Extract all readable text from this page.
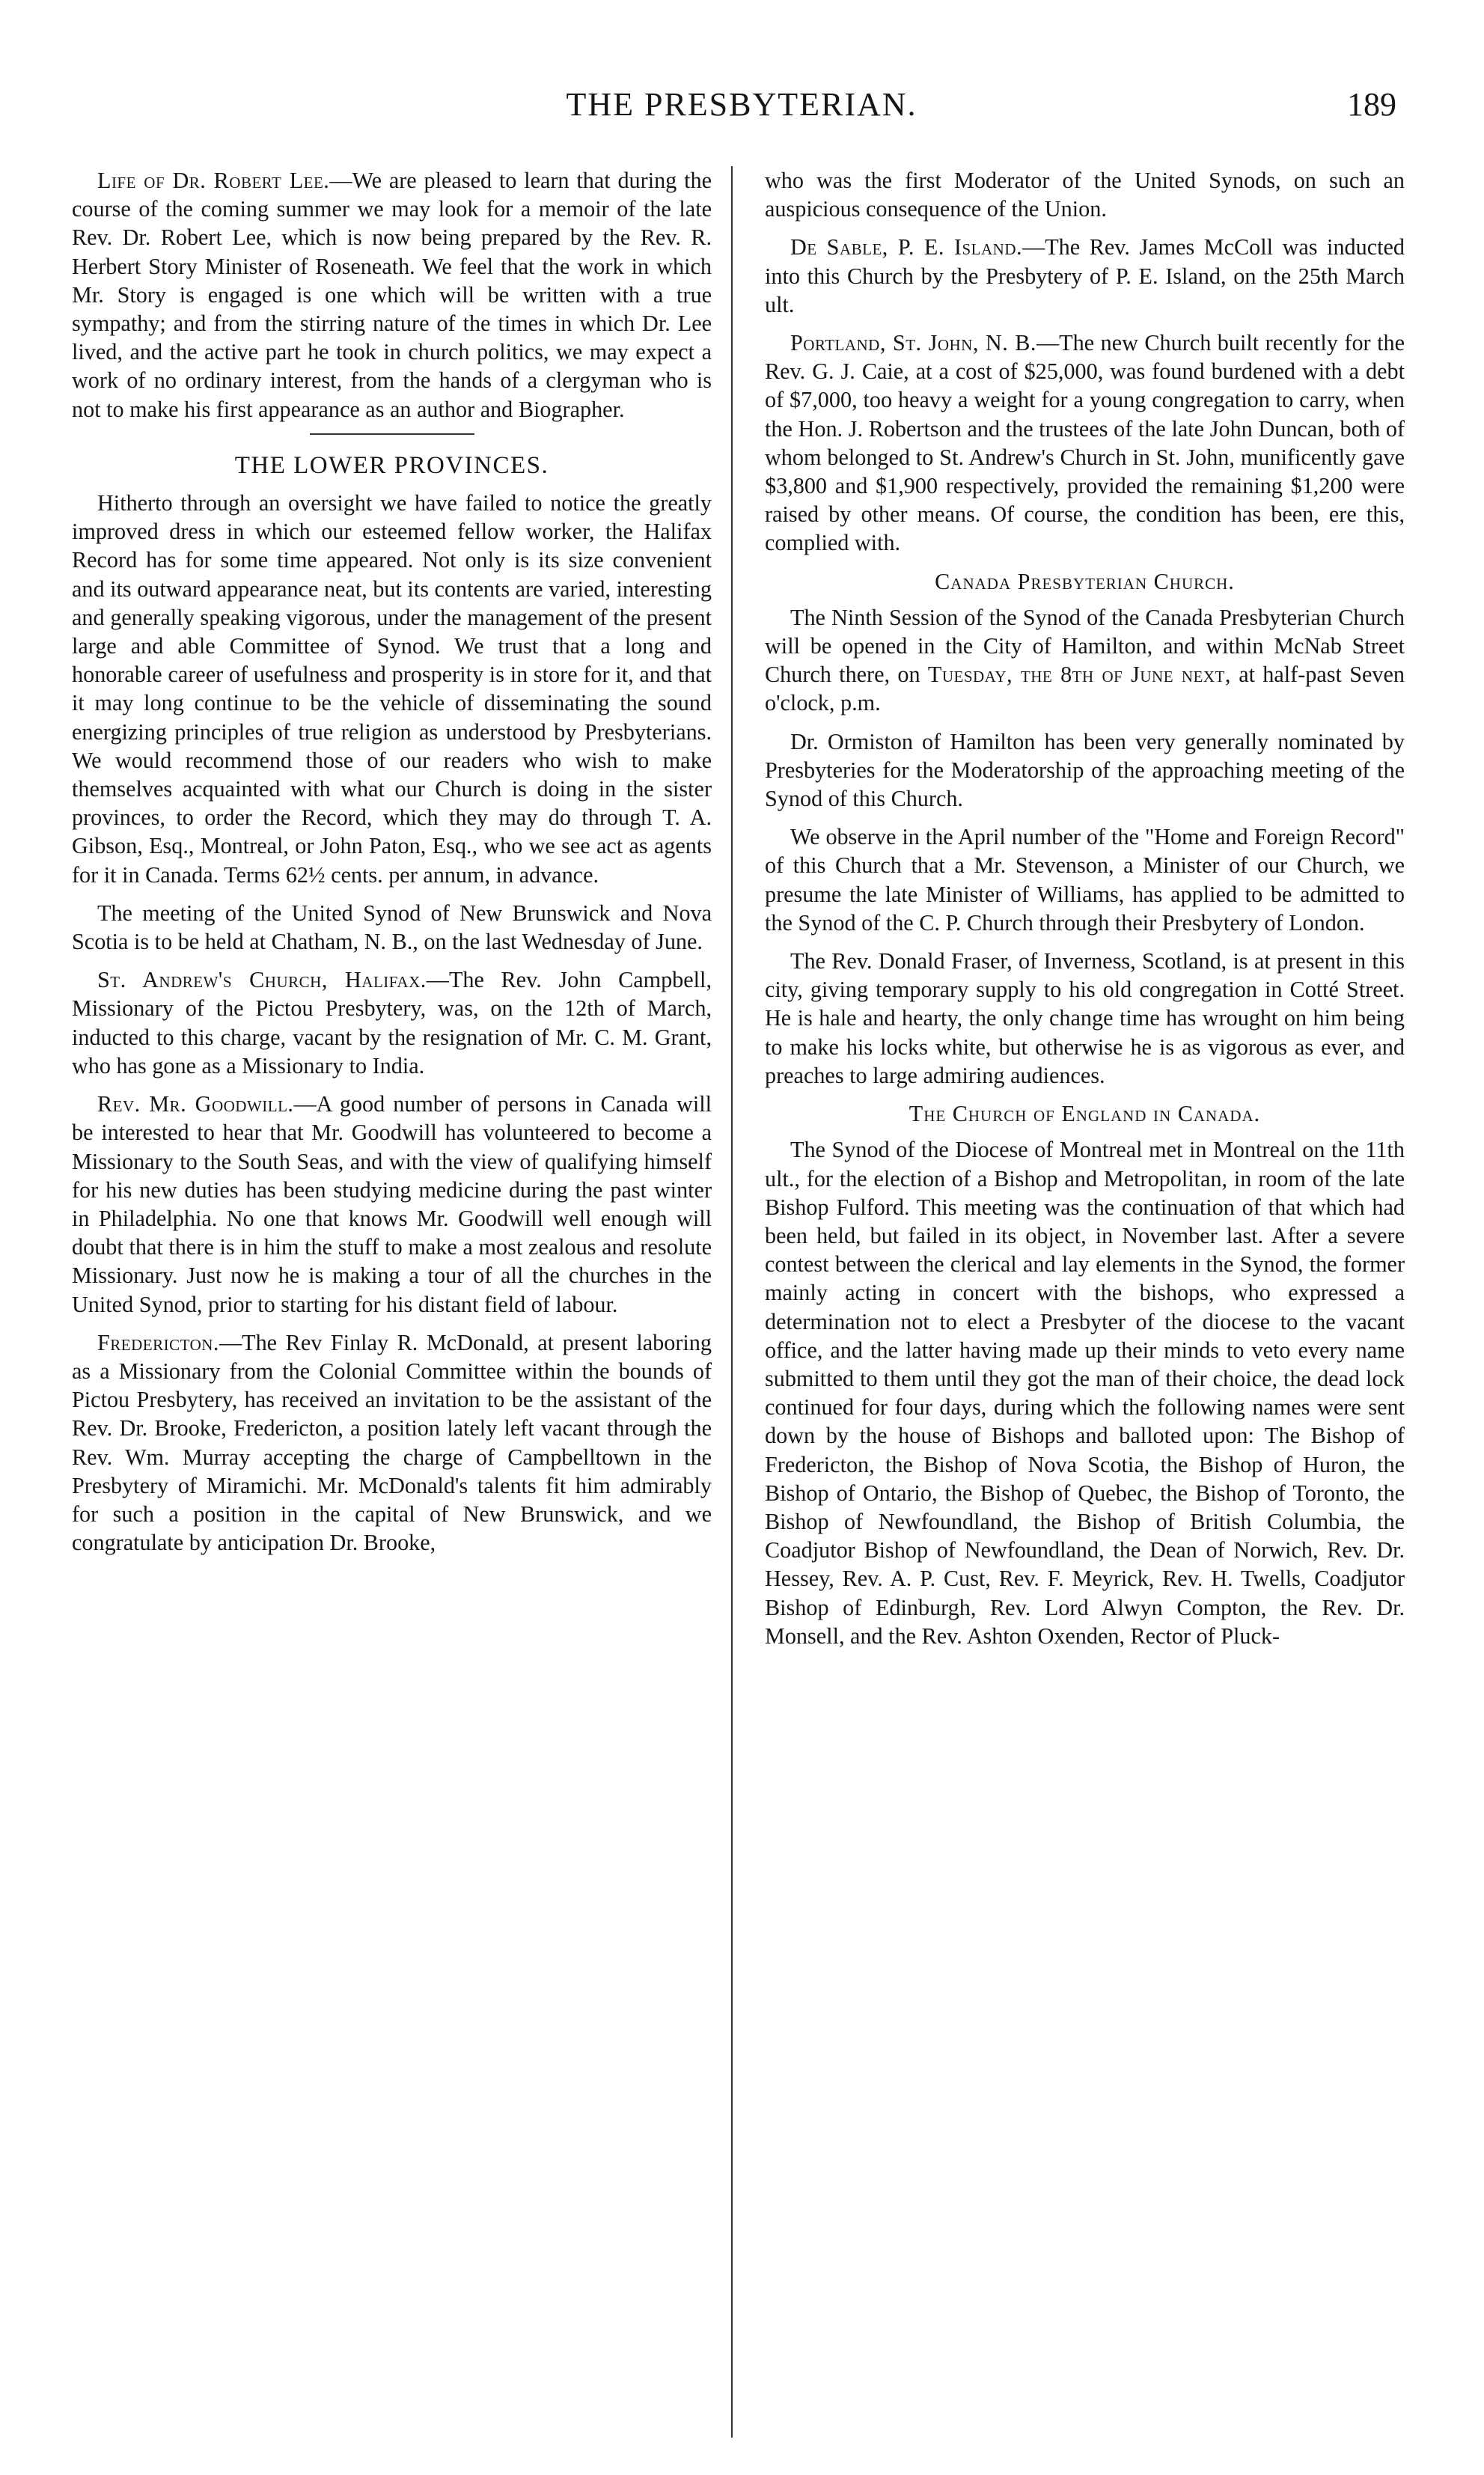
THE PRESBYTERIAN.	189

Life of Dr. Robert Lee.—We are pleased to learn that during the course of the coming summer we may look for a memoir of the late Rev. Dr. Robert Lee, which is now being prepared by the Rev. R. Herbert Story Minister of Roseneath. We feel that the work in which Mr. Story is engaged is one which will be written with a true sympathy; and from the stirring nature of the times in which Dr. Lee lived, and the active part he took in church politics, we may expect a work of no ordinary interest, from the hands of a clergyman who is not to make his first appearance as an author and Biographer.

THE LOWER PROVINCES.

Hitherto through an oversight we have failed to notice the greatly improved dress in which our esteemed fellow worker, the Halifax Record has for some time appeared. Not only is its size convenient and its outward appearance neat, but its contents are varied, interesting and generally speaking vigorous, under the management of the present large and able Committee of Synod. We trust that a long and honorable career of usefulness and prosperity is in store for it, and that it may long continue to be the vehicle of disseminating the sound energizing principles of true religion as understood by Presbyterians. We would recommend those of our readers who wish to make themselves acquainted with what our Church is doing in the sister provinces, to order the Record, which they may do through T. A. Gibson, Esq., Montreal, or John Paton, Esq., who we see act as agents for it in Canada. Terms 62½ cents. per annum, in advance.

The meeting of the United Synod of New Brunswick and Nova Scotia is to be held at Chatham, N. B., on the last Wednesday of June.

St. Andrew's Church, Halifax.—The Rev. John Campbell, Missionary of the Pictou Presbytery, was, on the 12th of March, inducted to this charge, vacant by the resignation of Mr. C. M. Grant, who has gone as a Missionary to India.

Rev. Mr. Goodwill.—A good number of persons in Canada will be interested to hear that Mr. Goodwill has volunteered to become a Missionary to the South Seas, and with the view of qualifying himself for his new duties has been studying medicine during the past winter in Philadelphia. No one that knows Mr. Goodwill well enough will doubt that there is in him the stuff to make a most zealous and resolute Missionary. Just now he is making a tour of all the churches in the United Synod, prior to starting for his distant field of labour.

Fredericton.—The Rev Finlay R. McDonald, at present laboring as a Missionary from the Colonial Committee within the bounds of Pictou Presbytery, has received an invitation to be the assistant of the Rev. Dr. Brooke, Fredericton, a position lately left vacant through the Rev. Wm. Murray accepting the charge of Campbelltown in the Presbytery of Miramichi. Mr. McDonald's talents fit him admirably for such a position in the capital of New Brunswick, and we congratulate by anticipation Dr. Brooke,

who was the first Moderator of the United Synods, on such an auspicious consequence of the Union.

De Sable, P. E. Island.—The Rev. James McColl was inducted into this Church by the Presbytery of P. E. Island, on the 25th March ult.

Portland, St. John, N. B.—The new Church built recently for the Rev. G. J. Caie, at a cost of $25,000, was found burdened with a debt of $7,000, too heavy a weight for a young congregation to carry, when the Hon. J. Robertson and the trustees of the late John Duncan, both of whom belonged to St. Andrew's Church in St. John, munificently gave $3,800 and $1,900 respectively, provided the remaining $1,200 were raised by other means. Of course, the condition has been, ere this, complied with.

Canada Presbyterian Church.

The Ninth Session of the Synod of the Canada Presbyterian Church will be opened in the City of Hamilton, and within McNab Street Church there, on Tuesday, the 8th of June next, at half-past Seven o'clock, p.m.

Dr. Ormiston of Hamilton has been very generally nominated by Presbyteries for the Moderatorship of the approaching meeting of the Synod of this Church.

We observe in the April number of the "Home and Foreign Record" of this Church that a Mr. Stevenson, a Minister of our Church, we presume the late Minister of Williams, has applied to be admitted to the Synod of the C. P. Church through their Presbytery of London.

The Rev. Donald Fraser, of Inverness, Scotland, is at present in this city, giving temporary supply to his old congregation in Cotté Street. He is hale and hearty, the only change time has wrought on him being to make his locks white, but otherwise he is as vigorous as ever, and preaches to large admiring audiences.

The Church of England in Canada.

The Synod of the Diocese of Montreal met in Montreal on the 11th ult., for the election of a Bishop and Metropolitan, in room of the late Bishop Fulford. This meeting was the continuation of that which had been held, but failed in its object, in November last. After a severe contest between the clerical and lay elements in the Synod, the former mainly acting in concert with the bishops, who expressed a determination not to elect a Presbyter of the diocese to the vacant office, and the latter having made up their minds to veto every name submitted to them until they got the man of their choice, the dead lock continued for four days, during which the following names were sent down by the house of Bishops and balloted upon: The Bishop of Fredericton, the Bishop of Nova Scotia, the Bishop of Huron, the Bishop of Ontario, the Bishop of Quebec, the Bishop of Toronto, the Bishop of Newfoundland, the Bishop of British Columbia, the Coadjutor Bishop of Newfoundland, the Dean of Norwich, Rev. Dr. Hessey, Rev. A. P. Cust, Rev. F. Meyrick, Rev. H. Twells, Coadjutor Bishop of Edinburgh, Rev. Lord Alwyn Compton, the Rev. Dr. Monsell, and the Rev. Ashton Oxenden, Rector of Pluck-
